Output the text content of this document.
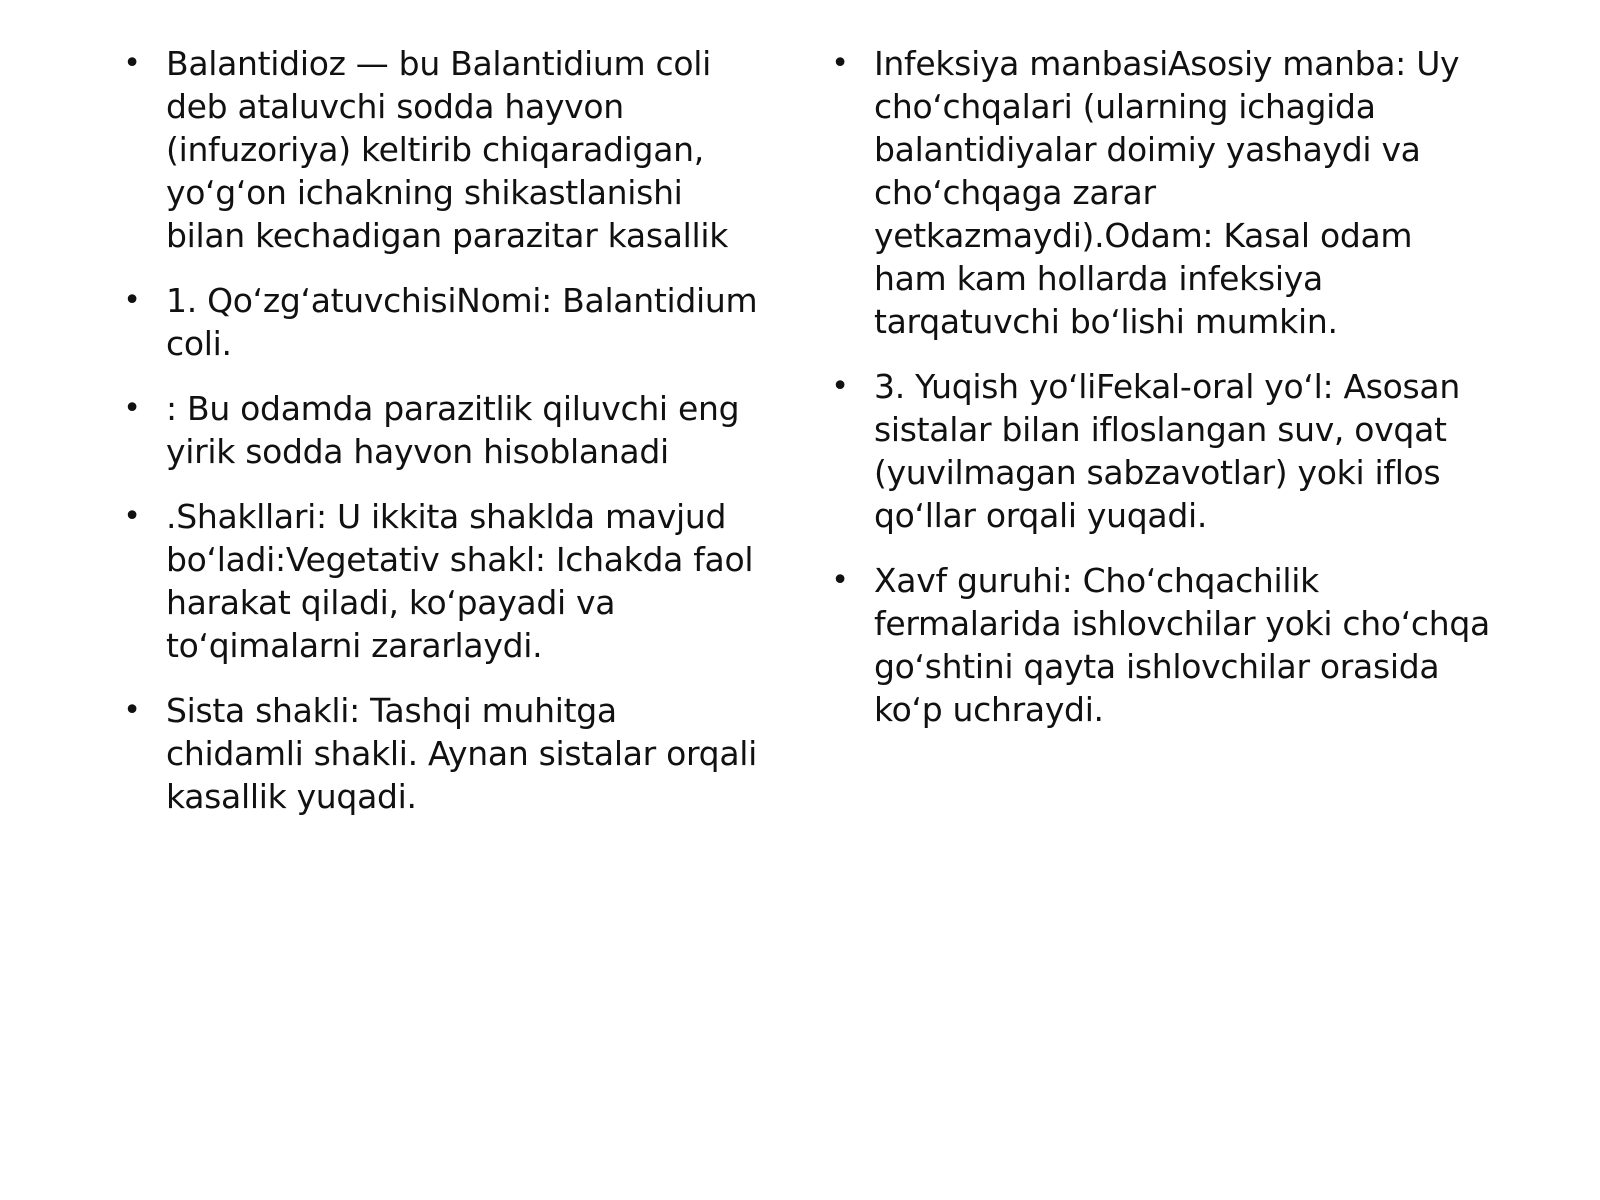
• Balantidioz — bu Balantidium coli deb ataluvchi sodda hayvon (infuzoriya) keltirib chiqaradigan, yoʻgʻon ichakning shikastlanishi bilan kechadigan parazitar kasallik
• 1. QoʻzgʻatuvchisiNomi: Balantidium coli.
• : Bu odamda parazitlik qiluvchi eng yirik sodda hayvon hisoblanadi
• .Shakllari: U ikkita shaklda mavjud boʻladi:Vegetativ shakl: Ichakda faol harakat qiladi, koʻpayadi va toʻqimalarni zararlaydi.
• Sista shakli: Tashqi muhitga chidamli shakli. Aynan sistalar orqali kasallik yuqadi.
• Infeksiya manbasiAsosiy manba: Uy choʻchqalari (ularning ichagida balantidiyalar doimiy yashaydi va choʻchqaga zarar yetkazmaydi).Odam: Kasal odam ham kam hollarda infeksiya tarqatuvchi boʻlishi mumkin.
• 3. Yuqish yoʻliFekal-oral yoʻl: Asosan sistalar bilan ifloslangan suv, ovqat (yuvilmagan sabzavotlar) yoki iflos qoʻllar orqali yuqadi.
• Xavf guruhi: Choʻchqachilik fermalarida ishlovchilar yoki choʻchqa goʻshtini qayta ishlovchilar orasida koʻp uchraydi.
